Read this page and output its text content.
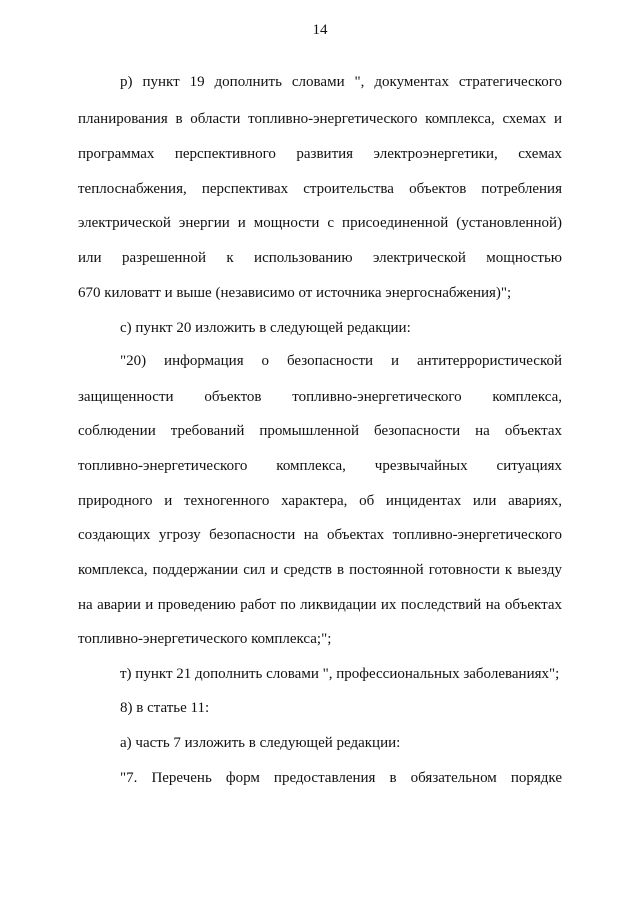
14
р) пункт 19 дополнить словами ", документах стратегического
планирования в области топливно-энергетического комплекса, схемах и
программах перспективного развития электроэнергетики, схемах
теплоснабжения, перспективах строительства объектов потребления
электрической энергии и мощности с присоединенной (установленной)
или разрешенной к использованию электрической мощностью
670 киловатт и выше (независимо от источника энергоснабжения)";
с) пункт 20 изложить в следующей редакции:
"20) информация о безопасности и антитеррористической
защищенности объектов топливно-энергетического комплекса,
соблюдении требований промышленной безопасности на объектах
топливно-энергетического комплекса, чрезвычайных ситуациях
природного и техногенного характера, об инцидентах или авариях,
создающих угрозу безопасности на объектах топливно-энергетического
комплекса, поддержании сил и средств в постоянной готовности к выезду
на аварии и проведению работ по ликвидации их последствий на объектах
топливно-энергетического комплекса;";
т) пункт 21 дополнить словами ", профессиональных заболеваниях";
8) в статье 11:
а) часть 7 изложить в следующей редакции:
"7. Перечень форм предоставления в обязательном порядке
